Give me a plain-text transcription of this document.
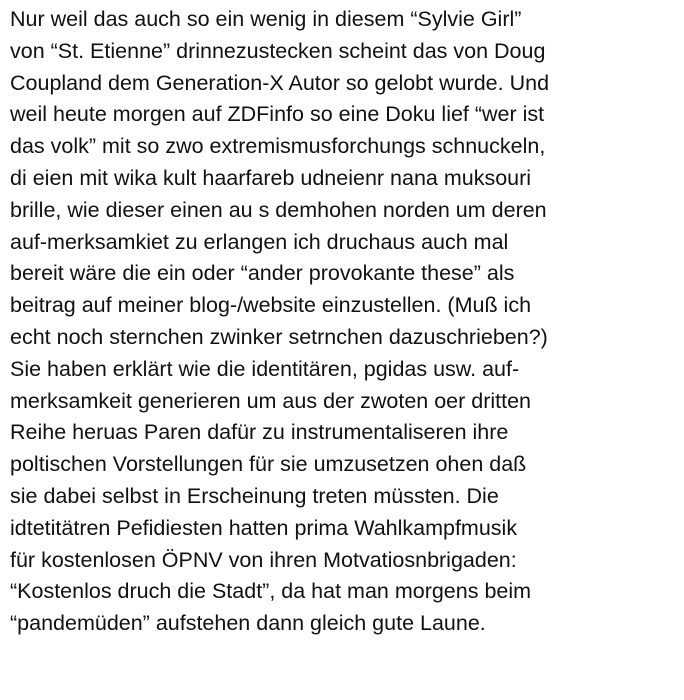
Nur weil das auch so ein wenig in diesem “Sylvie Girl”
von “St. Etienne” drinnezustecken scheint das von Doug
Coupland dem Generation-X Autor so gelobt wurde. Und
weil heute morgen auf ZDFinfo so eine Doku lief “wer ist
das volk” mit so zwo extremismusforchungs schnuckeln,
di eien mit wika kult haarfareb udneienr nana muksouri
brille, wie dieser einen au s demhohen norden um deren
auf-merksamkiet zu erlangen ich druchaus auch mal
bereit wäre die ein oder “ander provokante these” als
beitrag auf meiner blog-/website einzustellen. (Muß ich
echt noch sternchen zwinker setrnchen dazuschrieben?)
Sie haben erklärt wie die identitären, pgidas usw. auf-
merksamkeit generieren um aus der zwoten oer dritten
Reihe heruas Paren dafür zu instrumentaliseren ihre
poltischen Vorstellungen für sie umzusetzen ohen daß
sie dabei selbst in Erscheinung treten müssten. Die
idtetitätren Pefidiesten hatten prima Wahlkampfmusik
für kostenlosen ÖPNV von ihren Motvatiosnbrigaden:
“Kostenlos druch die Stadt”, da hat man morgens beim
“pandemüden” aufstehen dann gleich gute Laune.
